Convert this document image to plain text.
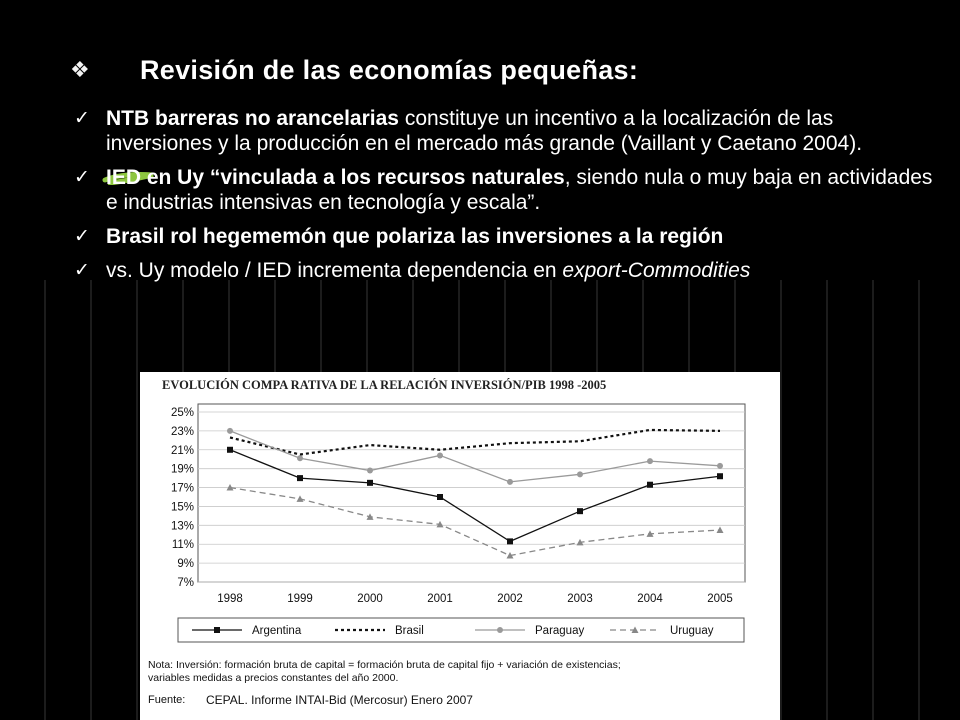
❖	Revisión de las economías pequeñas:
✓ NTB barreras no arancelarias constituye un incentivo a la localización de las inversiones y la producción en el mercado más grande (Vaillant y Caetano 2004).
✓ IED en Uy “vinculada a los recursos naturales, siendo nula o muy baja en actividades e industrias intensivas en tecnología y escala”.
✓ Brasil rol hegememón que polariza las inversiones a la región
✓ vs. Uy modelo / IED incrementa dependencia en export-Commodities
EVOLUCIÓN COMPA RATIVA DE LA RELACIÓN INVERSIÓN/PIB 1998 -2005
7%
9%
11%
13%
15%
17%
19%
21%
23%
25%
1998	1999	2000	2001	2002	2003	2004	2005
Argentina	Brasil	Paraguay	Uruguay
Nota: Inversión: formación bruta de capital = formación bruta de capital fijo + variación de existencias;
variables medidas a precios constantes del año 2000.
Fuente: CEPAL. Informe INTAI-Bid (Mercosur) Enero 2007
